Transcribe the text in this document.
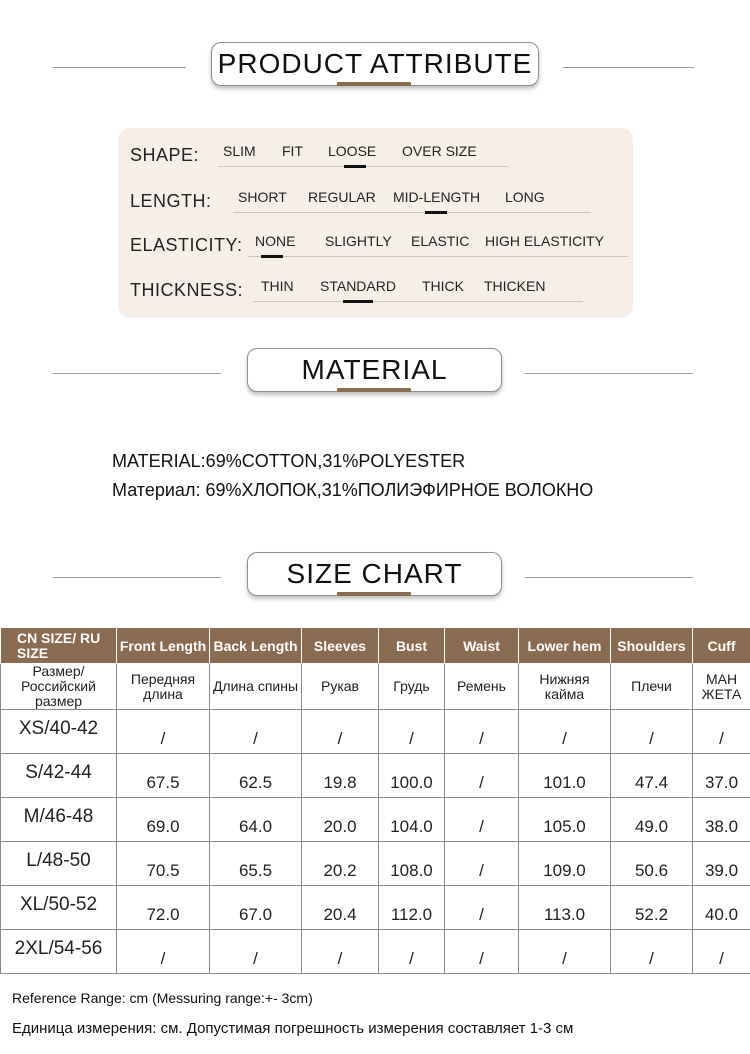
PRODUCT ATTRIBUTE
SHAPE: SLIM FIT LOOSE OVER SIZE
LENGTH: SHORT REGULAR MID-LENGTH LONG
ELASTICITY: NONE SLIGHTLY ELASTIC HIGH ELASTICITY
THICKNESS: THIN STANDARD THICK THICKEN
MATERIAL
MATERIAL:69%COTTON,31%POLYESTER
Материал: 69%ХЛОПОК,31%ПОЛИЭФИРНОЕ ВОЛОКНО
SIZE CHART
CN SIZE/ RU SIZE	Front Length	Back Length	Sleeves	Bust	Waist	Lower hem	Shoulders	Cuff
Размер/ Российский размер	Передняя длина	Длина спины	Рукав	Грудь	Ремень	Нижняя кайма	Плечи	МАН ЖЕТА
XS/40-42	/	/	/	/	/	/	/	/
S/42-44	67.5	62.5	19.8	100.0	/	101.0	47.4	37.0
M/46-48	69.0	64.0	20.0	104.0	/	105.0	49.0	38.0
L/48-50	70.5	65.5	20.2	108.0	/	109.0	50.6	39.0
XL/50-52	72.0	67.0	20.4	112.0	/	113.0	52.2	40.0
2XL/54-56	/	/	/	/	/	/	/	/
Reference Range: cm (Messuring range:+- 3cm)
Единица измерения: см. Допустимая погрешность измерения составляет 1-3 см
